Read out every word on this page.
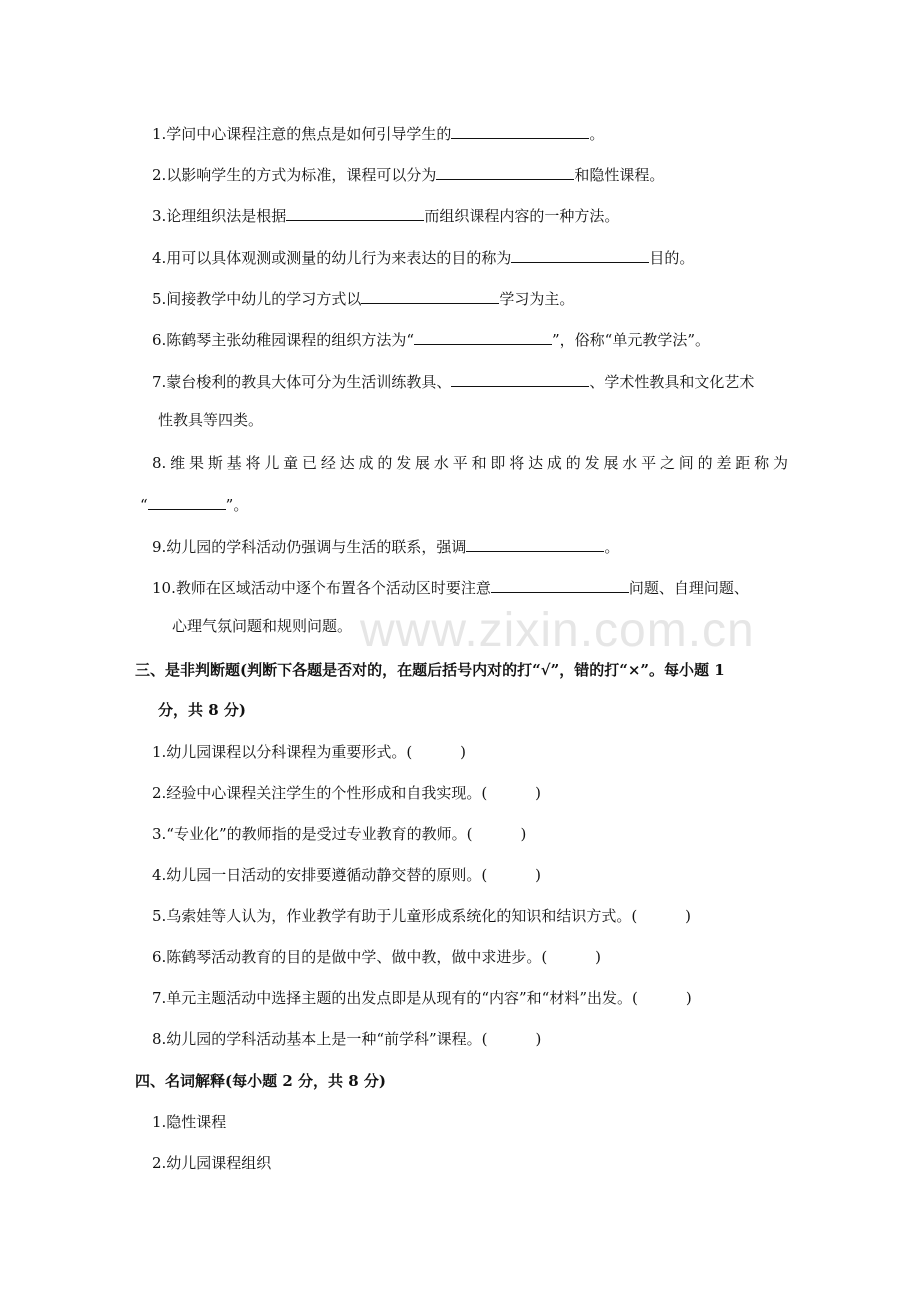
www.zixin.com.cn
1.学问中心课程注意的焦点是如何引导学生的	。
2.以影响学生的方式为标准，课程可以分为	和隐性课程。
3.论理组织法是根据	而组织课程内容的一种方法。
4.用可以具体观测或测量的幼儿行为来表达的目的称为	目的。
5.间接教学中幼儿的学习方式以	学习为主。
6.陈鹤琴主张幼稚园课程的组织方法为“	”，俗称“单元教学法”。
7.蒙台梭利的教具大体可分为生活训练教具、	、学术性教具和文化艺术
性教具等四类。
8.维果斯基将儿童已经达成的发展水平和即将达成的发展水平之间的差距称为
“	”。
9.幼儿园的学科活动仍强调与生活的联系，强调	。
10.教师在区域活动中逐个布置各个活动区时要注意	问题、自理问题、
心理气氛问题和规则问题。
三、是非判断题(判断下各题是否对的，在题后括号内对的打“√”，错的打“×”。每小题 1
分，共 8 分)
1.幼儿园课程以分科课程为重要形式。(	)
2.经验中心课程关注学生的个性形成和自我实现。(	)
3.“专业化”的教师指的是受过专业教育的教师。(	)
4.幼儿园一日活动的安排要遵循动静交替的原则。(	)
5.乌索娃等人认为，作业教学有助于儿童形成系统化的知识和结识方式。(	)
6.陈鹤琴活动教育的目的是做中学、做中教，做中求进步。(	)
7.单元主题活动中选择主题的出发点即是从现有的“内容”和“材料”出发。(	)
8.幼儿园的学科活动基本上是一种“前学科”课程。(	)
四、名词解释(每小题 2 分，共 8 分)
1.隐性课程
2.幼儿园课程组织
